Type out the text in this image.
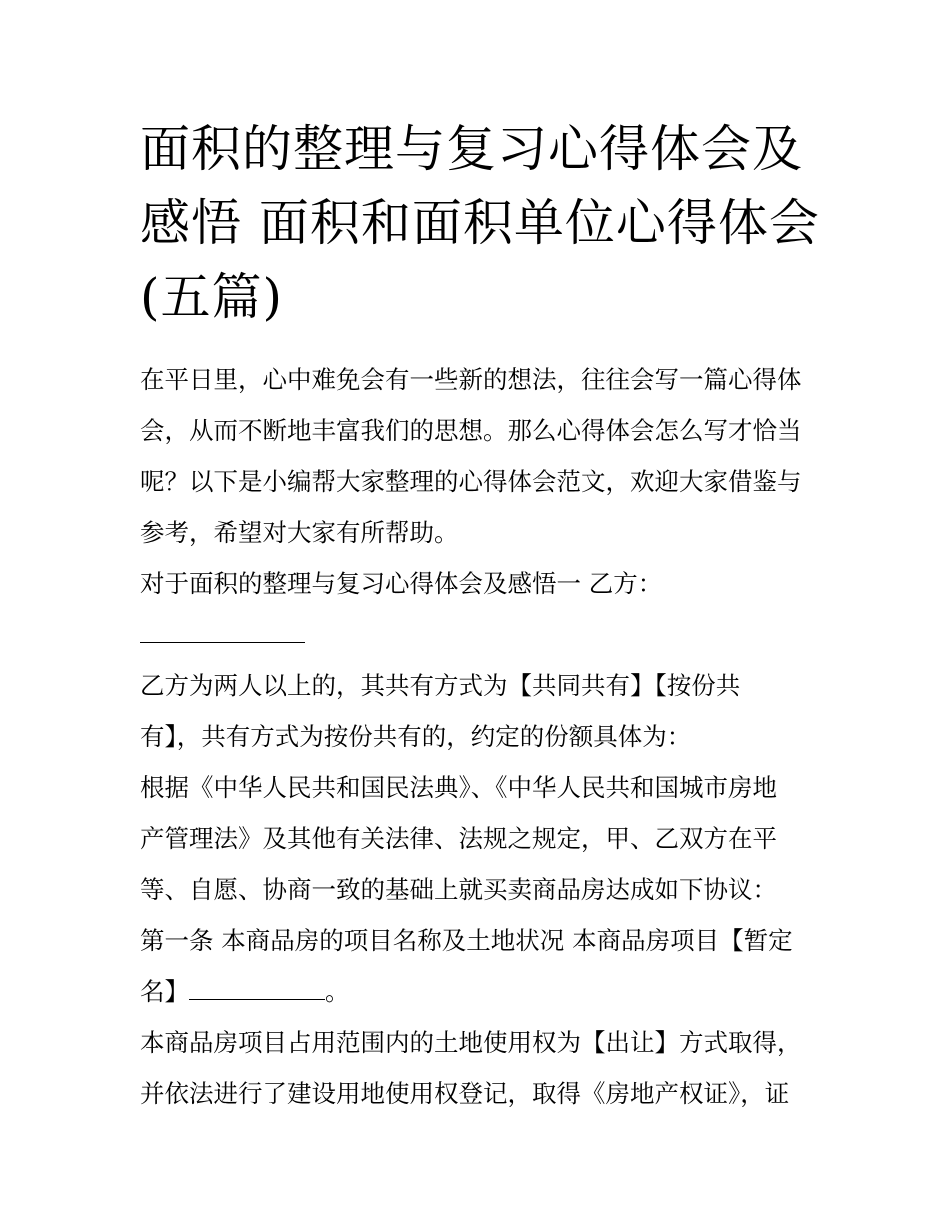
面积的整理与复习心得体会及
感悟 面积和面积单位心得体会
(五篇)
在平日里，心中难免会有一些新的想法，往往会写一篇心得体
会，从而不断地丰富我们的思想。那么心得体会怎么写才恰当
呢？以下是小编帮大家整理的心得体会范文，欢迎大家借鉴与
参考，希望对大家有所帮助。
对于面积的整理与复习心得体会及感悟一 乙方：
乙方为两人以上的，其共有方式为【共同共有】【按份共
有】，共有方式为按份共有的，约定的份额具体为：
根据《中华人民共和国民法典》、《中华人民共和国城市房地
产管理法》及其他有关法律、法规之规定，甲、乙双方在平
等、自愿、协商一致的基础上就买卖商品房达成如下协议：
第一条 本商品房的项目名称及土地状况 本商品房项目【暂定
名】	。
本商品房项目占用范围内的土地使用权为【出让】方式取得，
并依法进行了建设用地使用权登记，取得《房地产权证》，证
